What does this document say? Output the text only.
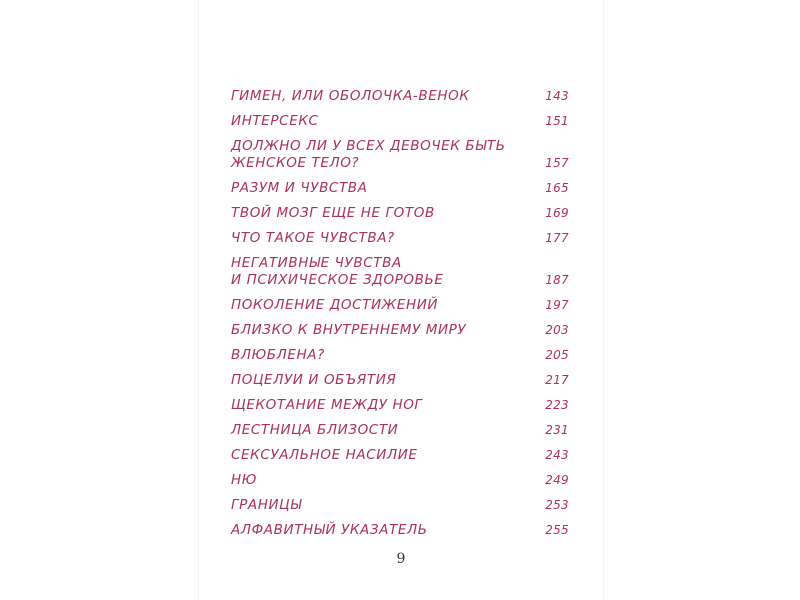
ГИМЕН, ИЛИ ОБОЛОЧКА-ВЕНОК	143
ИНТЕРСЕКС	151
ДОЛЖНО ЛИ У ВСЕХ ДЕВОЧЕК БЫТЬ
ЖЕНСКОЕ ТЕЛО?	157
РАЗУМ И ЧУВСТВА	165
ТВОЙ МОЗГ ЕЩЕ НЕ ГОТОВ	169
ЧТО ТАКОЕ ЧУВСТВА?	177
НЕГАТИВНЫЕ ЧУВСТВА
И ПСИХИЧЕСКОЕ ЗДОРОВЬЕ	187
ПОКОЛЕНИЕ ДОСТИЖЕНИЙ	197
БЛИЗКО К ВНУТРЕННЕМУ МИРУ	203
ВЛЮБЛЕНА?	205
ПОЦЕЛУИ И ОБЪЯТИЯ	217
ЩЕКОТАНИЕ МЕЖДУ НОГ	223
ЛЕСТНИЦА БЛИЗОСТИ	231
СЕКСУАЛЬНОЕ НАСИЛИЕ	243
НЮ	249
ГРАНИЦЫ	253
АЛФАВИТНЫЙ УКАЗАТЕЛЬ	255
9
